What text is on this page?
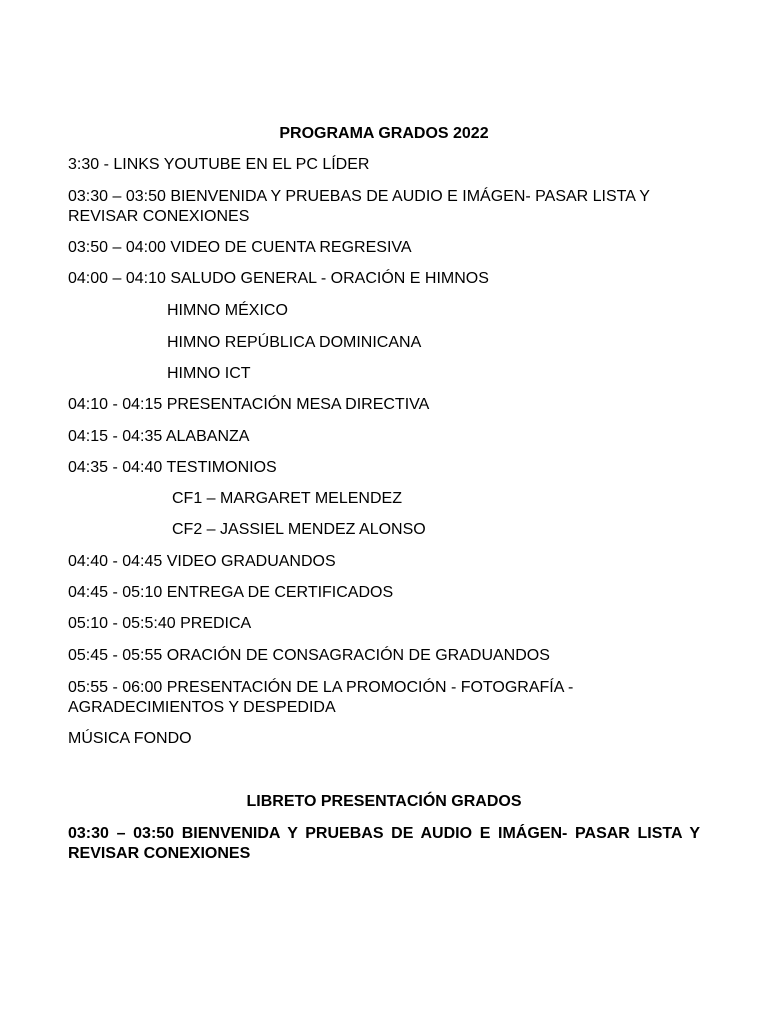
PROGRAMA GRADOS 2022
3:30 - LINKS YOUTUBE EN EL PC LÍDER
03:30 – 03:50 BIENVENIDA Y PRUEBAS DE AUDIO E IMÁGEN- PASAR LISTA Y REVISAR CONEXIONES
03:50 – 04:00 VIDEO DE CUENTA REGRESIVA
04:00 – 04:10 SALUDO GENERAL - ORACIÓN E HIMNOS
HIMNO MÉXICO
HIMNO REPÚBLICA DOMINICANA
HIMNO ICT
04:10 - 04:15 PRESENTACIÓN MESA DIRECTIVA
04:15 - 04:35 ALABANZA
04:35 - 04:40 TESTIMONIOS
CF1 – MARGARET MELENDEZ
CF2 – JASSIEL MENDEZ ALONSO
04:40 - 04:45 VIDEO GRADUANDOS
04:45 - 05:10 ENTREGA DE CERTIFICADOS
05:10 - 05:5:40 PREDICA
05:45 - 05:55 ORACIÓN DE CONSAGRACIÓN DE GRADUANDOS
05:55 - 06:00 PRESENTACIÓN DE LA PROMOCIÓN - FOTOGRAFÍA - AGRADECIMIENTOS Y DESPEDIDA
MÚSICA FONDO
LIBRETO PRESENTACIÓN GRADOS
03:30 – 03:50 BIENVENIDA Y PRUEBAS DE AUDIO E IMÁGEN- PASAR LISTA Y REVISAR CONEXIONES
